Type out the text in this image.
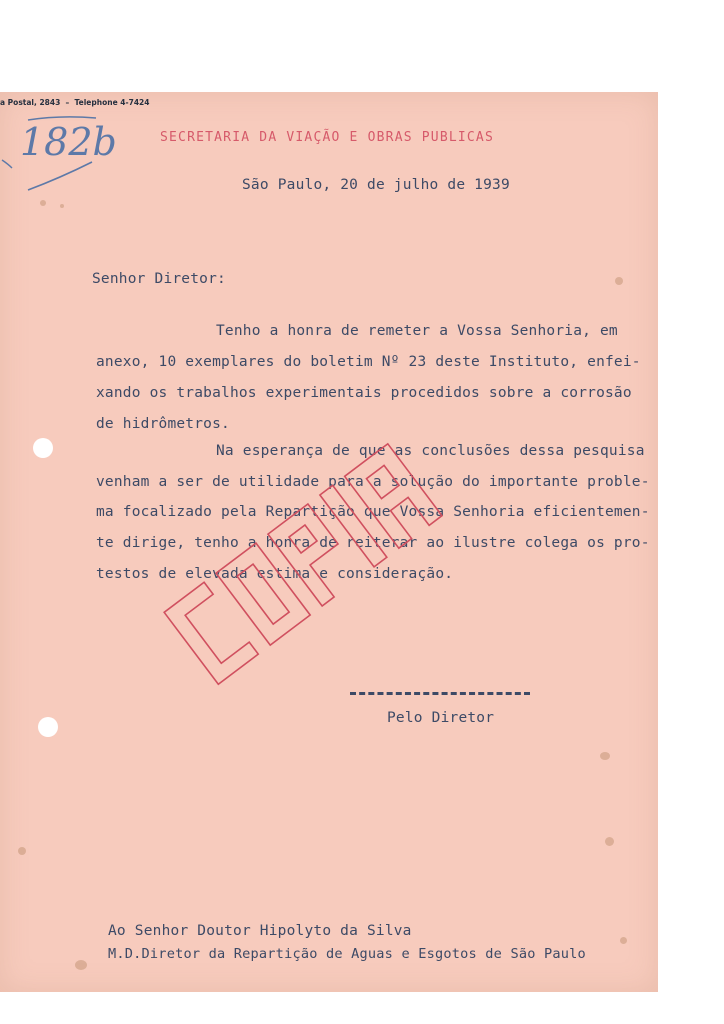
a Postal, 2843  –  Telephone 4-7424
SECRETARIA DA VIAÇÃO E OBRAS PUBLICAS
182b
São Paulo, 20 de julho de 1939
Senhor Diretor:
Tenho a honra de remeter a Vossa Senhoria, em
anexo, 10 exemplares do boletim Nº 23 deste Instituto, enfei-
xando os trabalhos experimentais procedidos sobre a corrosão
de hidrômetros.
Na esperança de que as conclusões dessa pesquisa
venham a ser de utilidade para a solução do importante proble-
ma focalizado pela Repartição que Vossa Senhoria eficientemen-
te dirige, tenho a honra de reiterar ao ilustre colega os pro-
testos de elevada estima e consideração.
Pelo Diretor
Ao Senhor Doutor Hipolyto da Silva
M.D.Diretor da Repartição de Aguas e Esgotos de São Paulo
